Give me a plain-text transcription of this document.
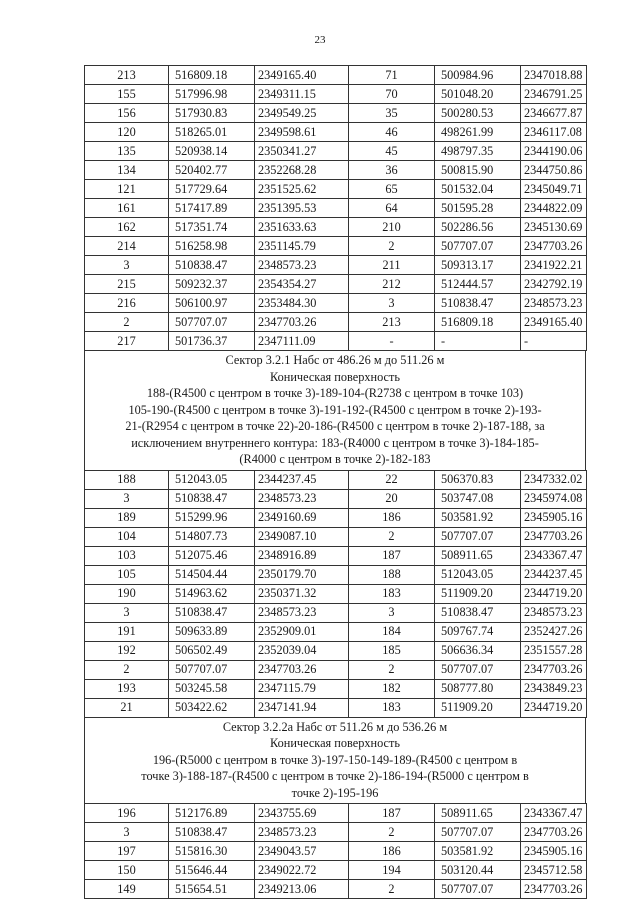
23
213	516809.18	2349165.40	71	500984.96	2347018.88
155	517996.98	2349311.15	70	501048.20	2346791.25
156	517930.83	2349549.25	35	500280.53	2346677.87
120	518265.01	2349598.61	46	498261.99	2346117.08
135	520938.14	2350341.27	45	498797.35	2344190.06
134	520402.77	2352268.28	36	500815.90	2344750.86
121	517729.64	2351525.62	65	501532.04	2345049.71
161	517417.89	2351395.53	64	501595.28	2344822.09
162	517351.74	2351633.63	210	502286.56	2345130.69
214	516258.98	2351145.79	2	507707.07	2347703.26
3	510838.47	2348573.23	211	509313.17	2341922.21
215	509232.37	2354354.27	212	512444.57	2342792.19
216	506100.97	2353484.30	3	510838.47	2348573.23
2	507707.07	2347703.26	213	516809.18	2349165.40
217	501736.37	2347111.09	-	-	-
Сектор 3.2.1 Набс от 486.26 м до 511.26 м
Коническая поверхность
188-(R4500 с центром в точке 3)-189-104-(R2738 с центром в точке 103)
105-190-(R4500 с центром в точке 3)-191-192-(R4500 с центром в точке 2)-193-
21-(R2954 с центром в точке 22)-20-186-(R4500 с центром в точке 2)-187-188, за
исключением внутреннего контура: 183-(R4000 с центром в точке 3)-184-185-
(R4000 с центром в точке 2)-182-183
188	512043.05	2344237.45	22	506370.83	2347332.02
3	510838.47	2348573.23	20	503747.08	2345974.08
189	515299.96	2349160.69	186	503581.92	2345905.16
104	514807.73	2349087.10	2	507707.07	2347703.26
103	512075.46	2348916.89	187	508911.65	2343367.47
105	514504.44	2350179.70	188	512043.05	2344237.45
190	514963.62	2350371.32	183	511909.20	2344719.20
3	510838.47	2348573.23	3	510838.47	2348573.23
191	509633.89	2352909.01	184	509767.74	2352427.26
192	506502.49	2352039.04	185	506636.34	2351557.28
2	507707.07	2347703.26	2	507707.07	2347703.26
193	503245.58	2347115.79	182	508777.80	2343849.23
21	503422.62	2347141.94	183	511909.20	2344719.20
Сектор 3.2.2а Набс от 511.26 м до 536.26 м
Коническая поверхность
196-(R5000 с центром в точке 3)-197-150-149-189-(R4500 с центром в
точке 3)-188-187-(R4500 с центром в точке 2)-186-194-(R5000 с центром в
точке 2)-195-196
196	512176.89	2343755.69	187	508911.65	2343367.47
3	510838.47	2348573.23	2	507707.07	2347703.26
197	515816.30	2349043.57	186	503581.92	2345905.16
150	515646.44	2349022.72	194	503120.44	2345712.58
149	515654.51	2349213.06	2	507707.07	2347703.26
